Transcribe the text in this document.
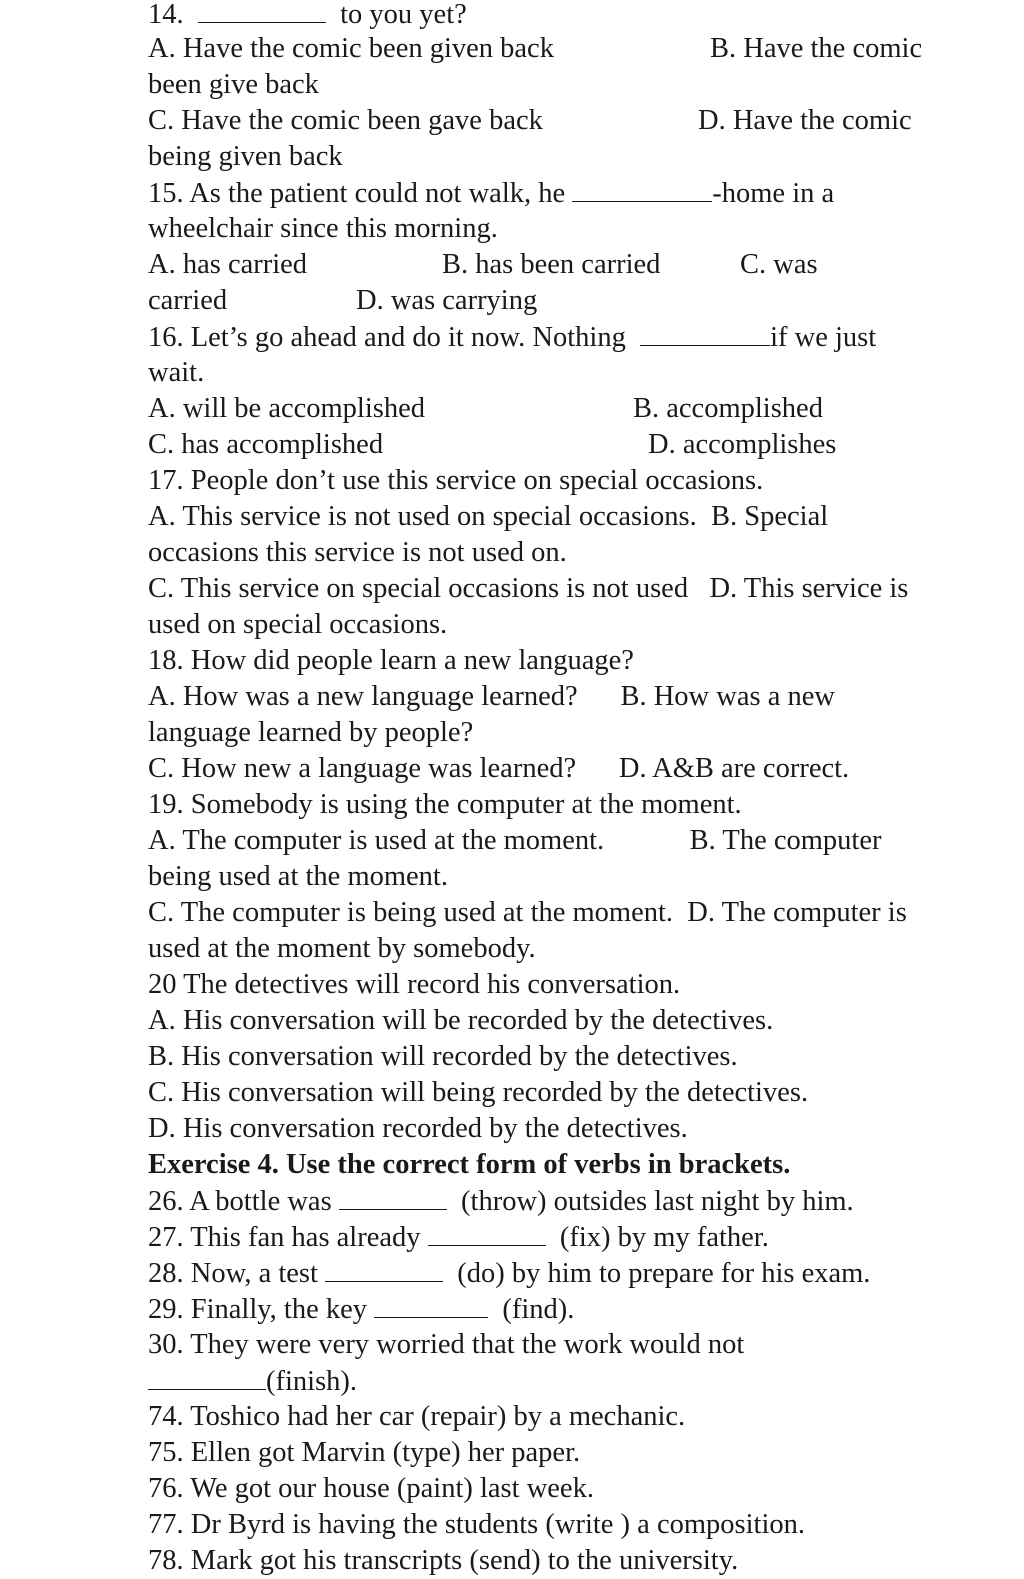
14.	to you yet?
A. Have the comic been given back	B. Have the comic
been give back
C. Have the comic been gave back	D. Have the comic
being given back
15. As the patient could not walk, he	-home in a
wheelchair since this morning.
A. has carried	B. has been carried	C. was
carried	D. was carrying
16. Let’s go ahead and do it now. Nothing	if we just
wait.
A. will be accomplished	B. accomplished
C. has accomplished	D. accomplishes
17. People don’t use this service on special occasions.
A. This service is not used on special occasions.  B. Special
occasions this service is not used on.
C. This service on special occasions is not used   D. This service is
used on special occasions.
18. How did people learn a new language?
A. How was a new language learned?      B. How was a new
language learned by people?
C. How new a language was learned?      D. A&B are correct.
19. Somebody is using the computer at the moment.
A. The computer is used at the moment.            B. The computer
being used at the moment.
C. The computer is being used at the moment.  D. The computer is
used at the moment by somebody.
20 The detectives will record his conversation.
A. His conversation will be recorded by the detectives.
B. His conversation will recorded by the detectives.
C. His conversation will being recorded by the detectives.
D. His conversation recorded by the detectives.
Exercise 4. Use the correct form of verbs in brackets.
26. A bottle was	(throw) outsides last night by him.
27. This fan has already	(fix) by my father.
28. Now, a test	(do) by him to prepare for his exam.
29. Finally, the key	(find).
30. They were very worried that the work would not
(finish).
74. Toshico had her car (repair) by a mechanic.
75. Ellen got Marvin (type) her paper.
76. We got our house (paint) last week.
77. Dr Byrd is having the students (write ) a composition.
78. Mark got his transcripts (send) to the university.
